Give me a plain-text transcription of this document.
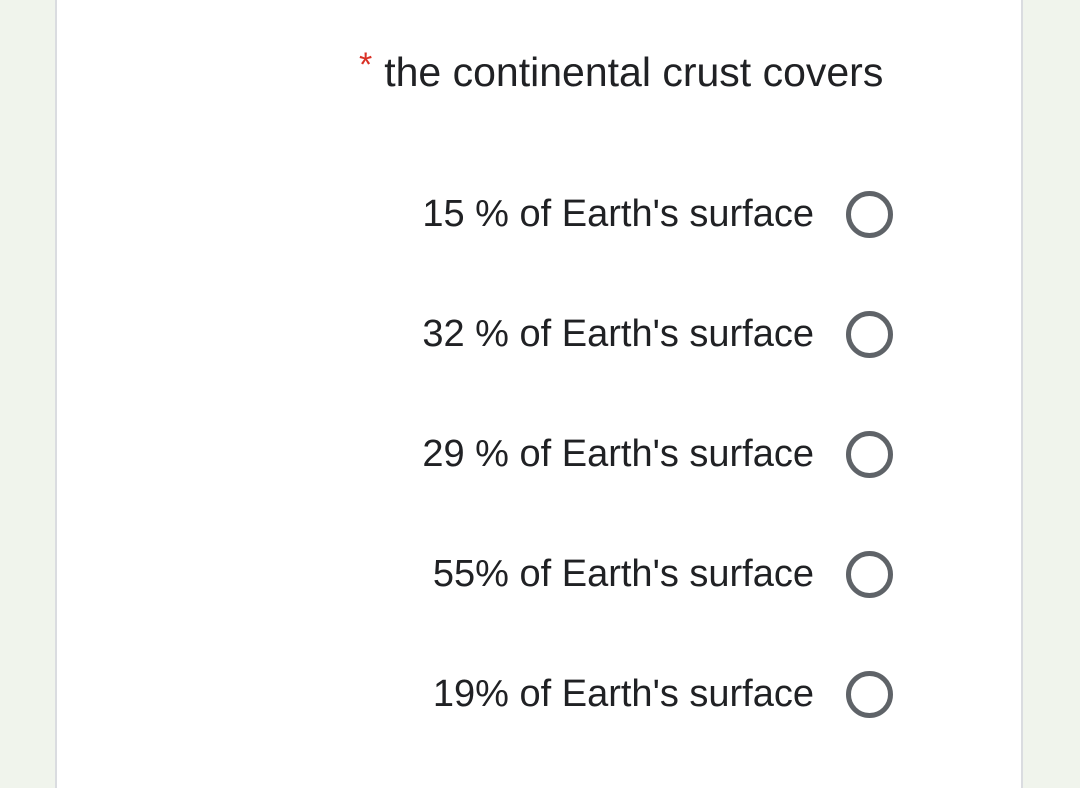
* the continental crust covers
15 % of Earth's surface
32 % of Earth's surface
29 % of Earth's surface
55% of Earth's surface
19% of Earth's surface
